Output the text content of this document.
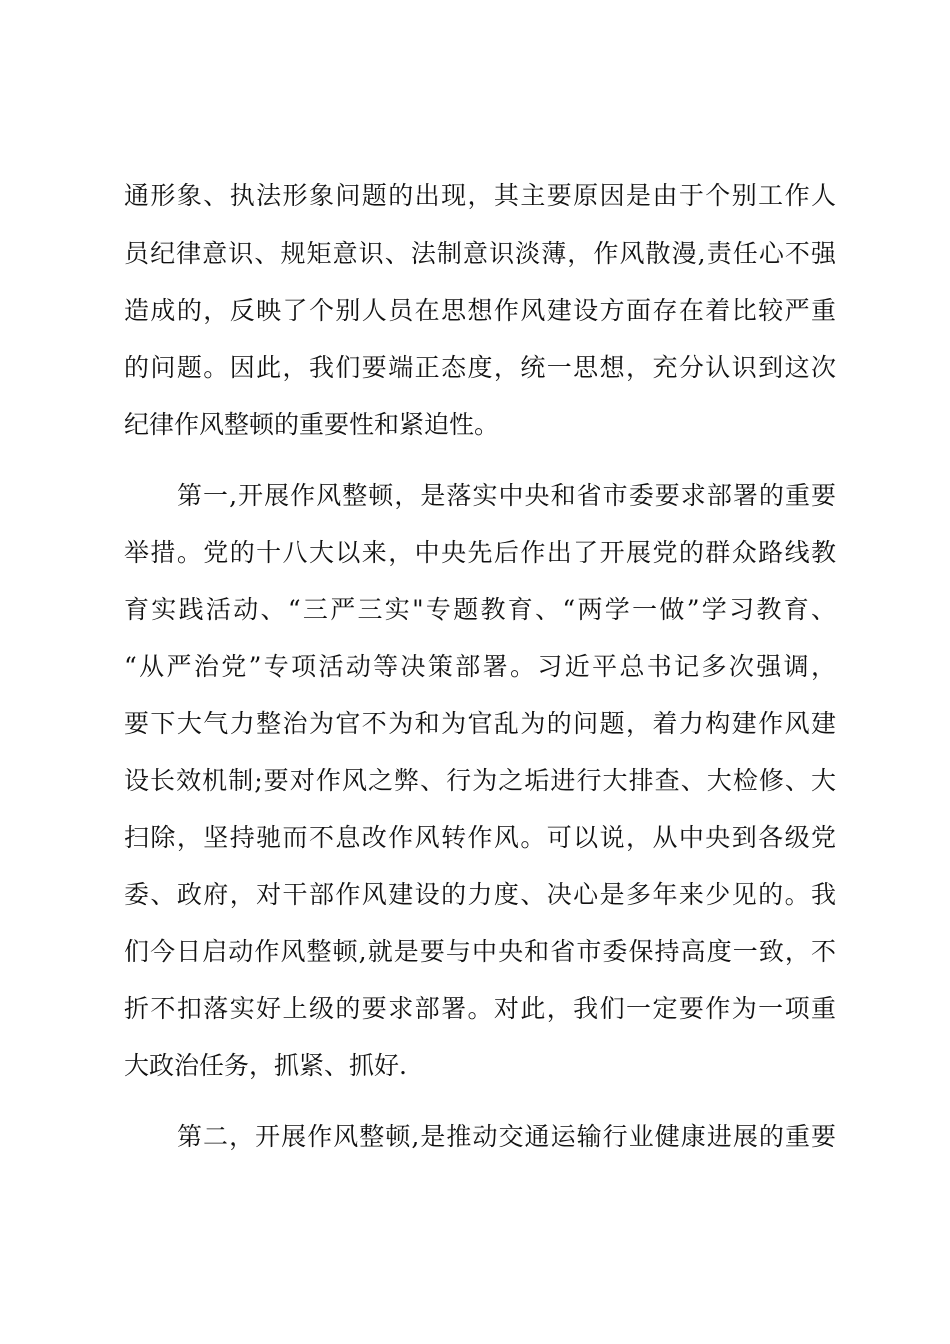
通形象、执法形象问题的出现，其主要原因是由于个别工作人
员纪律意识、规矩意识、法制意识淡薄，作风散漫,责任心不强
造成的，反映了个别人员在思想作风建设方面存在着比较严重
的问题。因此，我们要端正态度，统一思想，充分认识到这次
纪律作风整顿的重要性和紧迫性。
第一,开展作风整顿，是落实中央和省市委要求部署的重要
举措。党的十八大以来，中央先后作出了开展党的群众路线教
育实践活动、“三严三实"专题教育、“两学一做”学习教育、
“从严治党”专项活动等决策部署。习近平总书记多次强调，
要下大气力整治为官不为和为官乱为的问题，着力构建作风建
设长效机制;要对作风之弊、行为之垢进行大排查、大检修、大
扫除，坚持驰而不息改作风转作风。可以说，从中央到各级党
委、政府，对干部作风建设的力度、决心是多年来少见的。我
们今日启动作风整顿,就是要与中央和省市委保持高度一致，不
折不扣落实好上级的要求部署。对此，我们一定要作为一项重
大政治任务，抓紧、抓好.
第二，开展作风整顿,是推动交通运输行业健康进展的重要
